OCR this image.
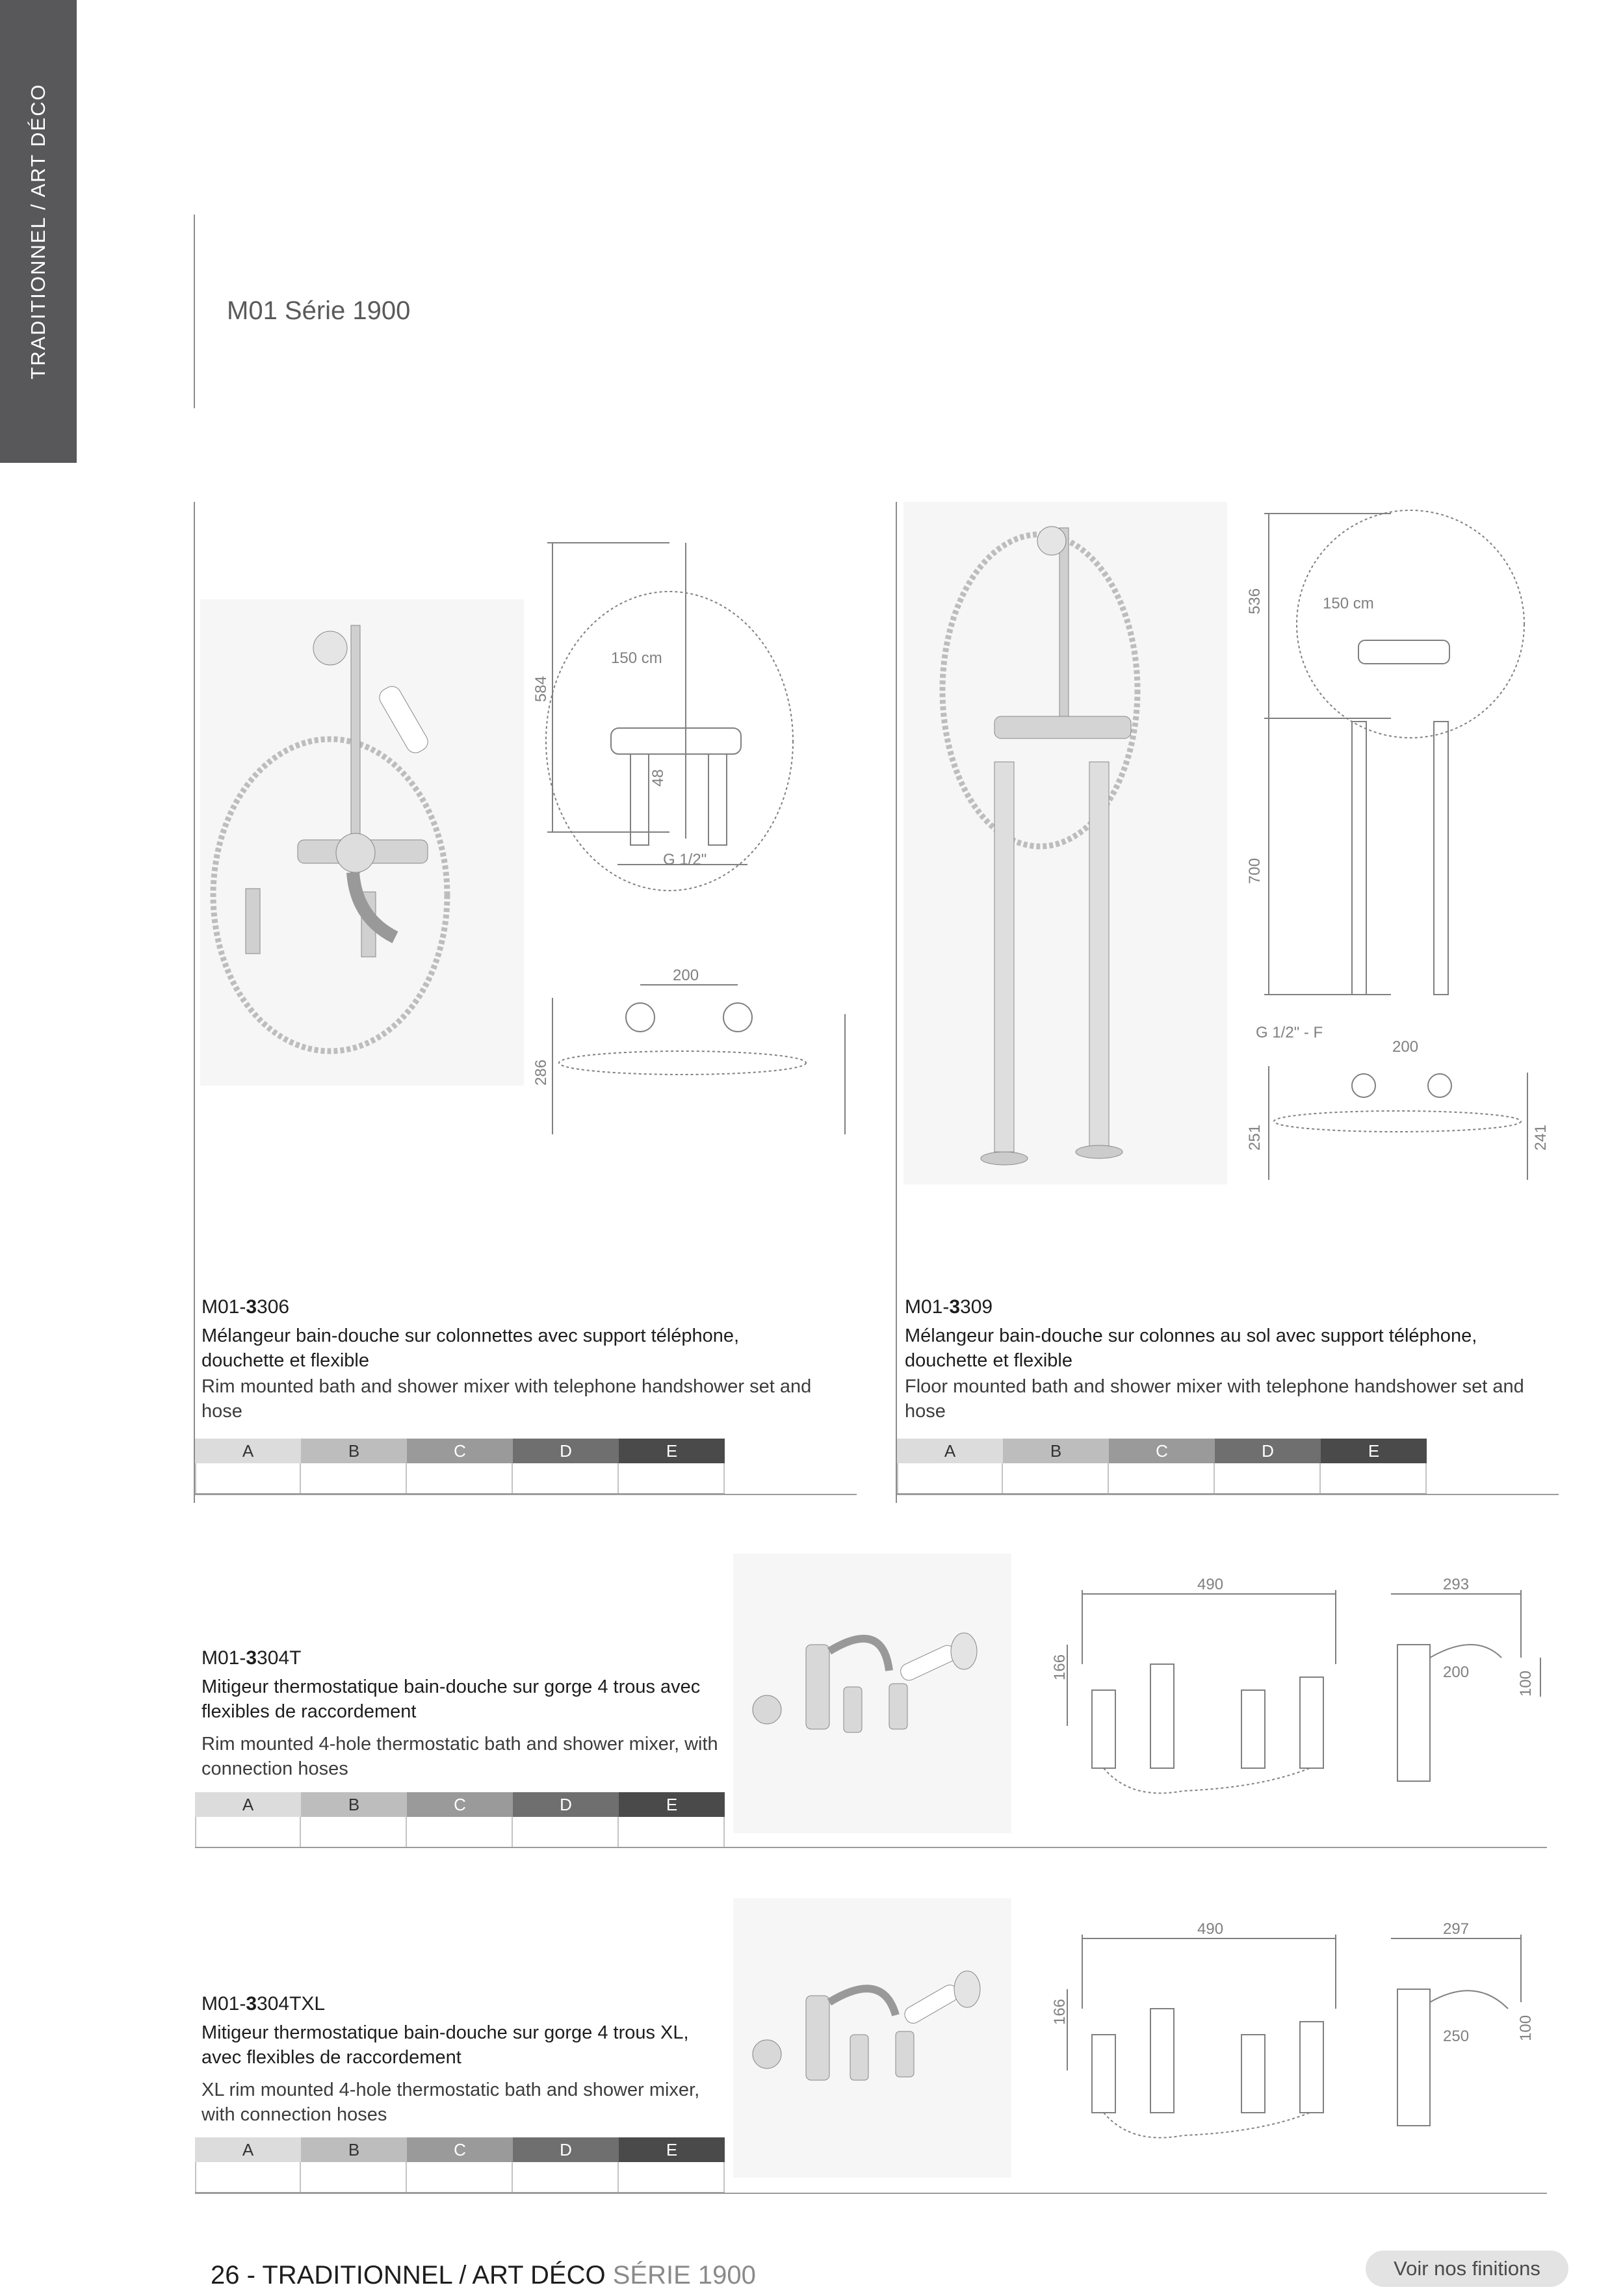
TRADITIONNEL / ART DÉCO	M01 Série 1900
584
150 cm
48
G 1/2"
200
286
M01-3306
Mélangeur bain-douche sur colonnettes avec support téléphone, douchette et flexible
Rim mounted bath and shower mixer with telephone handshower set and hose
A	B	C	D	E
536	150 cm
700
G 1/2" - F
200
251	241
M01-3309
Mélangeur bain-douche sur colonnes au sol avec support téléphone, douchette et flexible
Floor mounted bath and shower mixer with telephone handshower set and hose
A	B	C	D	E
M01-3304T
Mitigeur thermostatique bain-douche sur gorge 4 trous avec flexibles de raccordement
Rim mounted 4-hole thermostatic bath and shower mixer, with connection hoses
490
166
293
200	100
A	B	C	D	E
M01-3304TXL
Mitigeur thermostatique bain-douche sur gorge 4 trous XL, avec flexibles de raccordement
XL rim mounted 4-hole thermostatic bath and shower mixer, with connection hoses
490
166
297
250	100
A	B	C	D	E
26 - TRADITIONNEL / ART DÉCO SÉRIE 1900	Voir nos finitions
